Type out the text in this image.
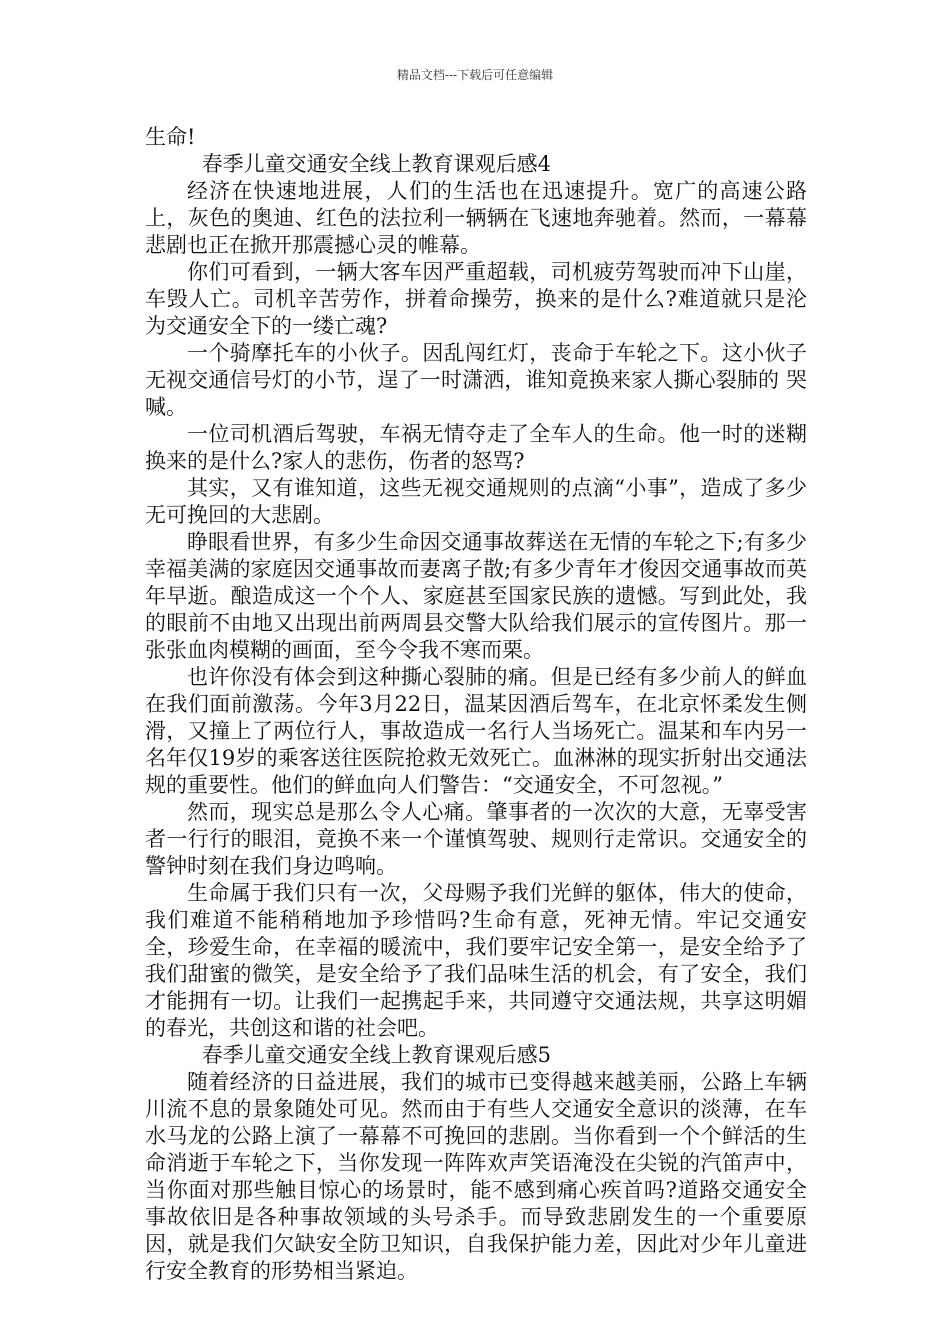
精品文档---下载后可任意编辑

生命!

春季儿童交通安全线上教育课观后感4

经济在快速地进展，人们的生活也在迅速提升。宽广的高速公路上，灰色的奥迪、红色的法拉利一辆辆在飞速地奔驰着。然而，一幕幕悲剧也正在掀开那震撼心灵的帷幕。

你们可看到，一辆大客车因严重超载，司机疲劳驾驶而冲下山崖，车毁人亡。司机辛苦劳作，拼着命操劳，换来的是什么?难道就只是沦为交通安全下的一缕亡魂?

一个骑摩托车的小伙子。因乱闯红灯，丧命于车轮之下。这小伙子无视交通信号灯的小节，逞了一时潇洒，谁知竟换来家人撕心裂肺的 哭喊。

一位司机酒后驾驶，车祸无情夺走了全车人的生命。他一时的迷糊换来的是什么?家人的悲伤，伤者的怒骂?

其实，又有谁知道，这些无视交通规则的点滴“小事”，造成了多少无可挽回的大悲剧。

睁眼看世界，有多少生命因交通事故葬送在无情的车轮之下;有多少幸福美满的家庭因交通事故而妻离子散;有多少青年才俊因交通事故而英年早逝。酿造成这一个个人、家庭甚至国家民族的遗憾。写到此处，我的眼前不由地又出现出前两周县交警大队给我们展示的宣传图片。那一张张血肉模糊的画面，至今令我不寒而栗。

也许你没有体会到这种撕心裂肺的痛。但是已经有多少前人的鲜血在我们面前激荡。今年3月22日，温某因酒后驾车，在北京怀柔发生侧滑，又撞上了两位行人，事故造成一名行人当场死亡。温某和车内另一名年仅19岁的乘客送往医院抢救无效死亡。血淋淋的现实折射出交通法规的重要性。他们的鲜血向人们警告：“交通安全，不可忽视。”

然而，现实总是那么令人心痛。肇事者的一次次的大意，无辜受害者一行行的眼泪，竟换不来一个谨慎驾驶、规则行走常识。交通安全的警钟时刻在我们身边鸣响。

生命属于我们只有一次，父母赐予我们光鲜的躯体，伟大的使命，我们难道不能稍稍地加予珍惜吗?生命有意，死神无情。牢记交通安全，珍爱生命，在幸福的暖流中，我们要牢记安全第一，是安全给予了我们甜蜜的微笑，是安全给予了我们品味生活的机会，有了安全，我们才能拥有一切。让我们一起携起手来，共同遵守交通法规，共享这明媚的春光，共创这和谐的社会吧。

春季儿童交通安全线上教育课观后感5

随着经济的日益进展，我们的城市已变得越来越美丽，公路上车辆川流不息的景象随处可见。然而由于有些人交通安全意识的淡薄，在车水马龙的公路上演了一幕幕不可挽回的悲剧。当你看到一个个鲜活的生命消逝于车轮之下，当你发现一阵阵欢声笑语淹没在尖锐的汽笛声中，当你面对那些触目惊心的场景时，能不感到痛心疾首吗?道路交通安全事故依旧是各种事故领域的头号杀手。而导致悲剧发生的一个重要原因，就是我们欠缺安全防卫知识，自我保护能力差，因此对少年儿童进行安全教育的形势相当紧迫。
